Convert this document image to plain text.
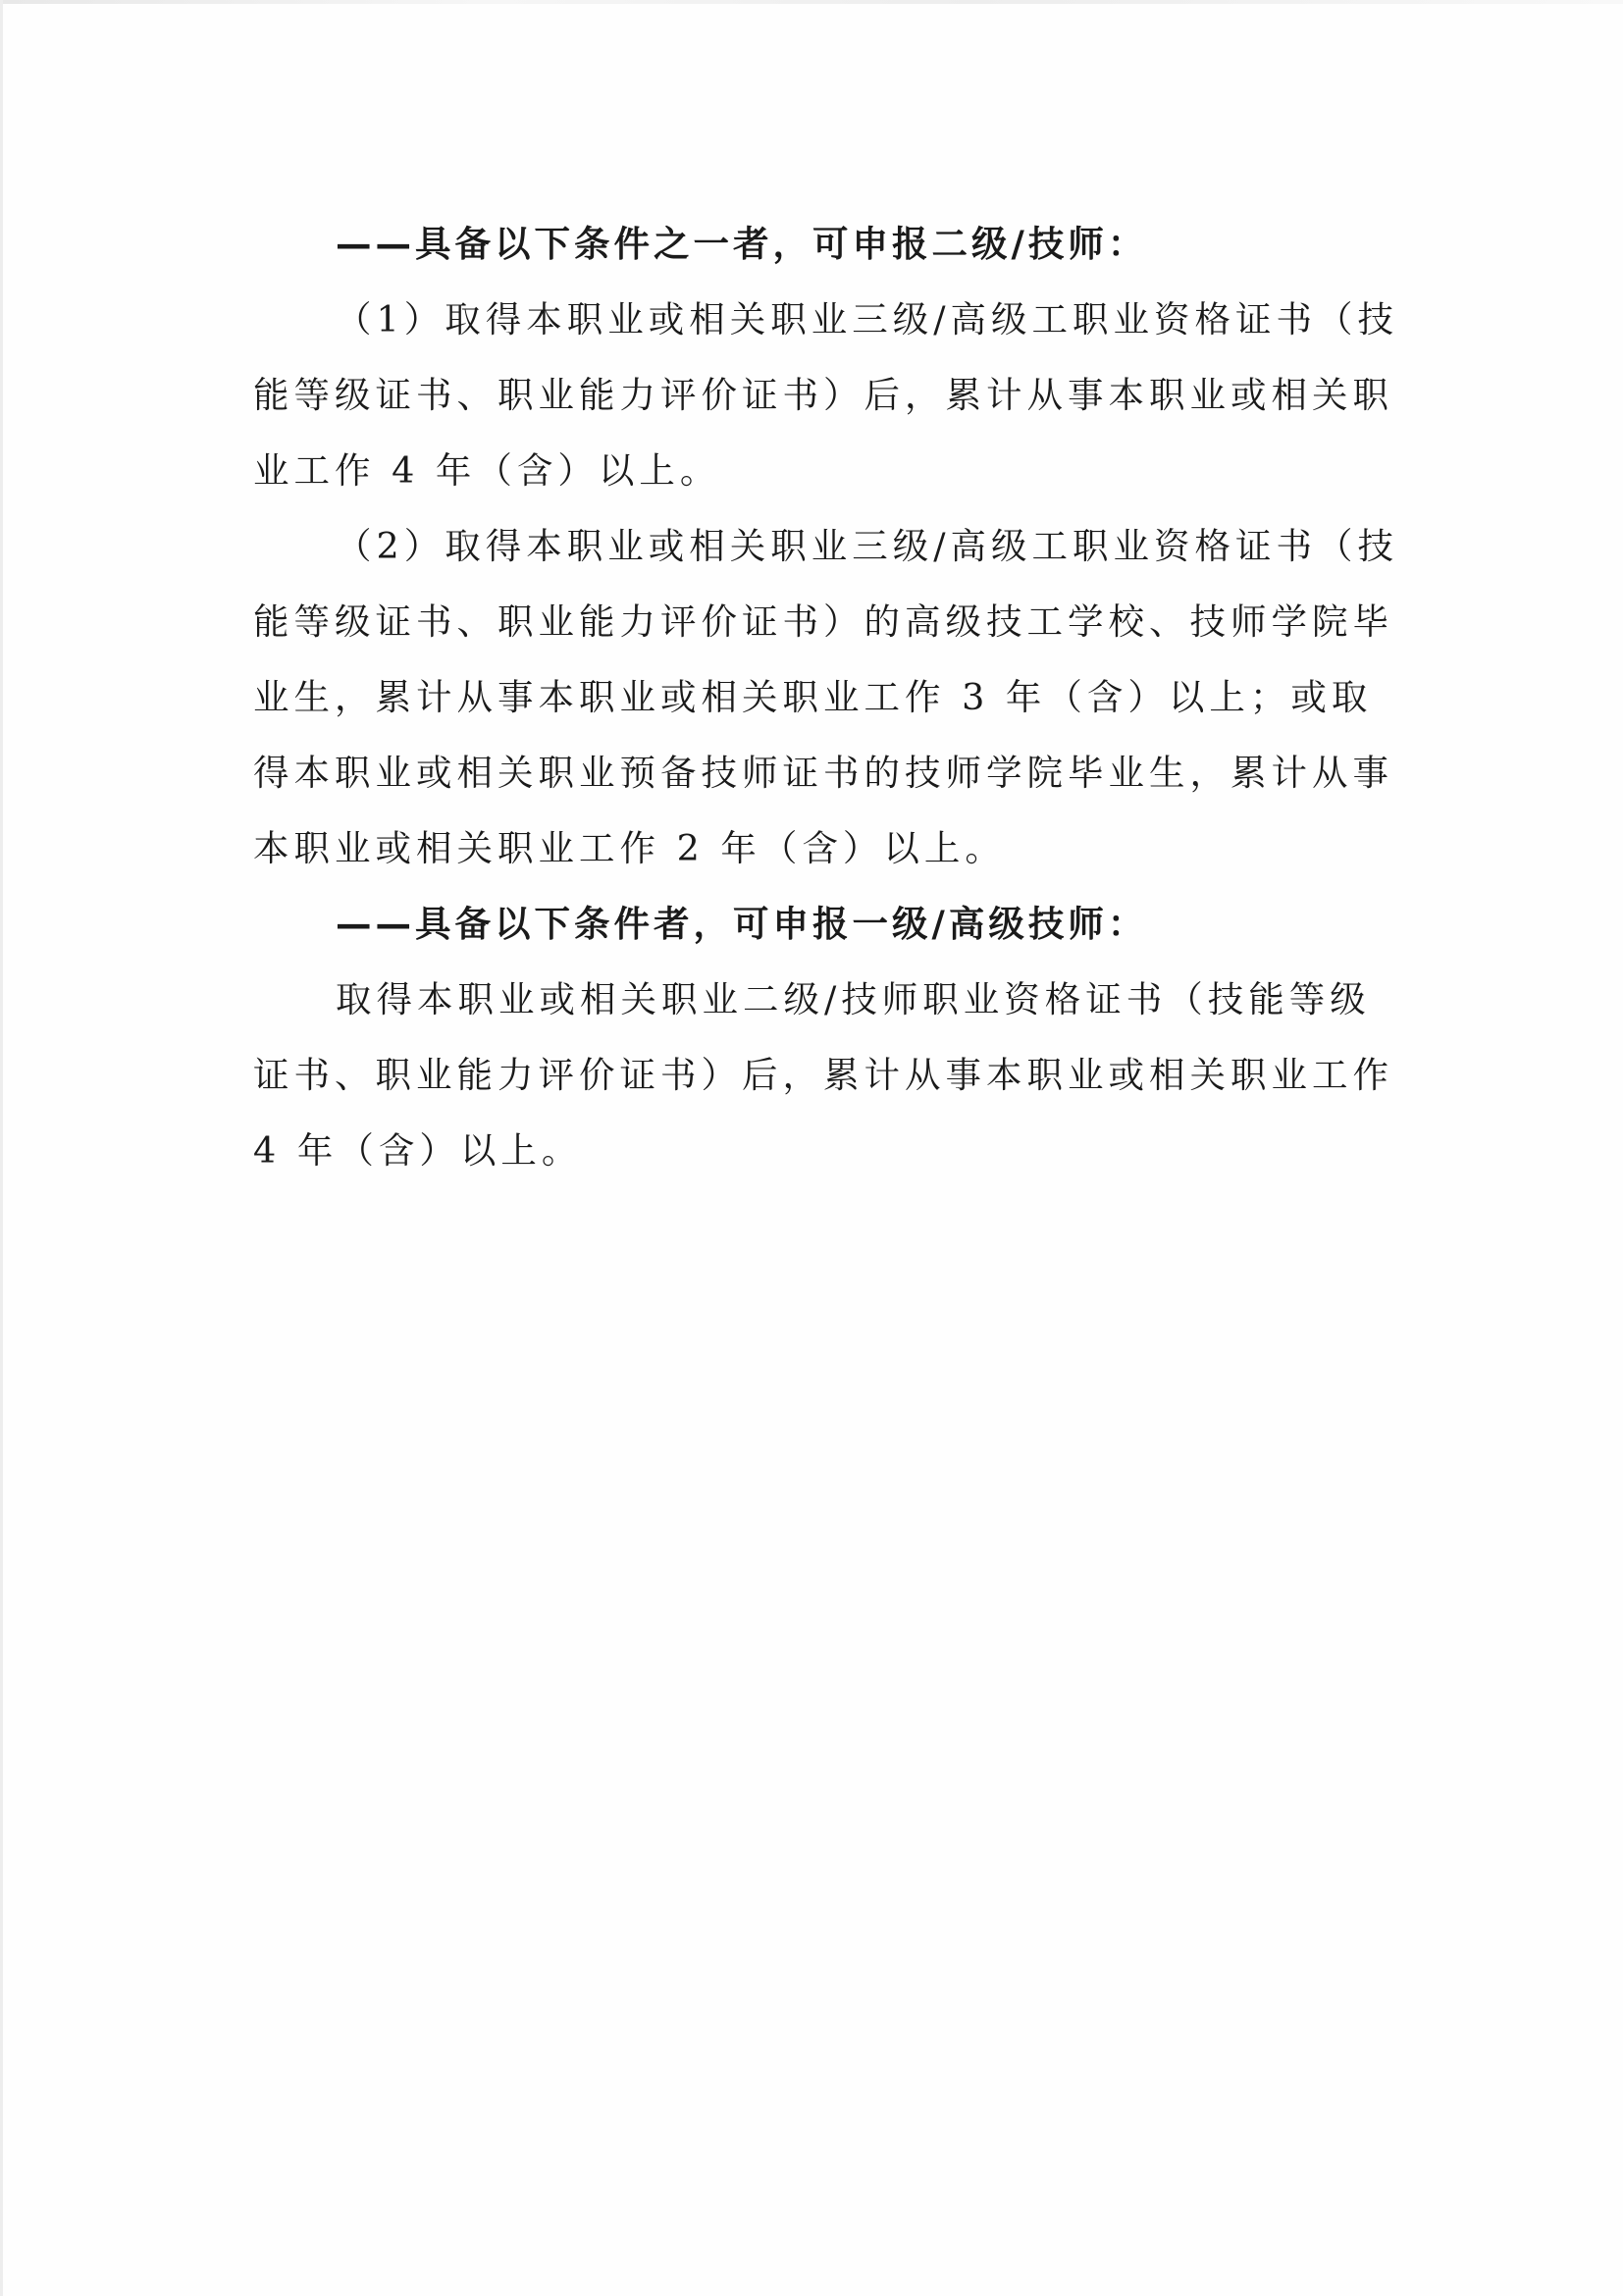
——具备以下条件之一者，可申报二级/技师：
（1）取得本职业或相关职业三级/高级工职业资格证书（技
能等级证书、职业能力评价证书）后，累计从事本职业或相关职
业工作 4 年（含）以上。
（2）取得本职业或相关职业三级/高级工职业资格证书（技
能等级证书、职业能力评价证书）的高级技工学校、技师学院毕
业生，累计从事本职业或相关职业工作 3 年（含）以上；或取
得本职业或相关职业预备技师证书的技师学院毕业生，累计从事
本职业或相关职业工作 2 年（含）以上。
——具备以下条件者，可申报一级/高级技师：
取得本职业或相关职业二级/技师职业资格证书（技能等级
证书、职业能力评价证书）后，累计从事本职业或相关职业工作
4 年（含）以上。
